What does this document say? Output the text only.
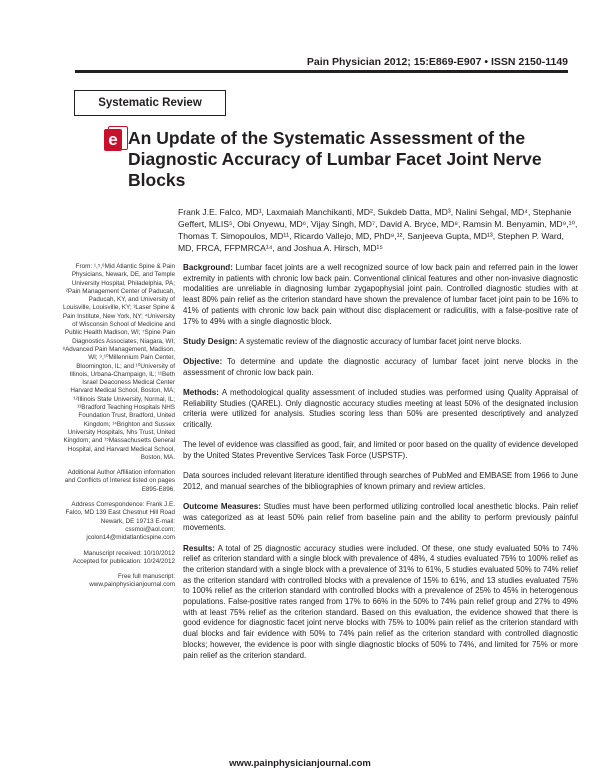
Pain Physician 2012; 15:E869-E907 • ISSN 2150-1149
Systematic Review
e An Update of the Systematic Assessment of the Diagnostic Accuracy of Lumbar Facet Joint Nerve Blocks
Frank J.E. Falco, MD¹, Laxmaiah Manchikanti, MD², Sukdeb Datta, MD³, Nalini Sehgal, MD⁴, Stephanie Geffert, MLIS⁵, Obi Onyewu, MD⁶, Vijay Singh, MD⁷, David A. Bryce, MD⁸, Ramsin M. Benyamin, MD⁹,¹⁰, Thomas T. Simopoulos, MD¹¹, Ricardo Vallejo, MD, PhD⁹,¹², Sanjeeva Gupta, MD¹³, Stephen P. Ward, MD, FRCA, FFPMRCA¹⁴, and Joshua A. Hirsch, MD¹⁵

From: ¹,⁵,⁶Mid Atlantic Spine & Pain Physicians, Newark, DE, and Temple University Hospital, Philadelphia, PA; ²Pain Management Center of Paducah, Paducah, KY, and University of Louisville, Louisville, KY; ³Laser Spine & Pain Institute, New York, NY; ⁴University of Wisconsin School of Medicine and Public Health Madison, WI; ⁷Spine Pain Diagnostics Associates, Niagara, WI; ⁸Advanced Pain Management, Madison, WI; ⁹,¹⁰Millennium Pain Center, Bloomington, IL; and ¹⁰University of Illinois, Urbana-Champaign, IL; ¹¹Beth Israel Deaconess Medical Center Harvard Medical School, Boston, MA; ¹²Illinois State University, Normal, IL; ¹³Bradford Teaching Hospitals NHS Foundation Trust, Bradford, United Kingdom; ¹⁴Brighton and Sussex University Hospitals, Nhs Trust, United Kingdom; and ¹⁵Massachusetts General Hospital, and Harvard Medical School, Boston, MA.

Additional Author Affiliation information and Conflicts of Interest listed on pages E895-E896.

Address Correspondence: Frank J.E. Falco, MD 139 East Chestnut Hill Road Newark, DE 19713 E-mail: cssmoi@aol.com; jcolon14@midatlanticspine.com

Manuscript received: 10/10/2012 Accepted for publication: 10/24/2012

Free full manuscript: www.painphysicianjournal.com

Background: Lumbar facet joints are a well recognized source of low back pain and referred pain in the lower extremity in patients with chronic low back pain. Conventional clinical features and other non-invasive diagnostic modalities are unreliable in diagnosing lumbar zygapophysial joint pain. Controlled diagnostic studies with at least 80% pain relief as the criterion standard have shown the prevalence of lumbar facet joint pain to be 16% to 41% of patients with chronic low back pain without disc displacement or radiculitis, with a false-positive rate of 17% to 49% with a single diagnostic block.

Study Design: A systematic review of the diagnostic accuracy of lumbar facet joint nerve blocks.

Objective: To determine and update the diagnostic accuracy of lumbar facet joint nerve blocks in the assessment of chronic low back pain.

Methods: A methodological quality assessment of included studies was performed using Quality Appraisal of Reliability Studies (QAREL). Only diagnostic accuracy studies meeting at least 50% of the designated inclusion criteria were utilized for analysis. Studies scoring less than 50% are presented descriptively and analyzed critically.

The level of evidence was classified as good, fair, and limited or poor based on the quality of evidence developed by the United States Preventive Services Task Force (USPSTF).

Data sources included relevant literature identified through searches of PubMed and EMBASE from 1966 to June 2012, and manual searches of the bibliographies of known primary and review articles.

Outcome Measures: Studies must have been performed utilizing controlled local anesthetic blocks. Pain relief was categorized as at least 50% pain relief from baseline pain and the ability to perform previously painful movements.

Results: A total of 25 diagnostic accuracy studies were included. Of these, one study evaluated 50% to 74% relief as criterion standard with a single block with prevalence of 48%, 4 studies evaluated 75% to 100% relief as the criterion standard with a single block with a prevalence of 31% to 61%, 5 studies evaluated 50% to 74% relief as the criterion standard with controlled blocks with a prevalence of 15% to 61%, and 13 studies evaluated 75% to 100% relief as the criterion standard with controlled blocks with a prevalence of 25% to 45% in heterogenous populations. False-positive rates ranged from 17% to 66% in the 50% to 74% pain relief group and 27% to 49% with at least 75% relief as the criterion standard. Based on this evaluation, the evidence showed that there is good evidence for diagnostic facet joint nerve blocks with 75% to 100% pain relief as the criterion standard with dual blocks and fair evidence with 50% to 74% pain relief as the criterion standard with controlled diagnostic blocks; however, the evidence is poor with single diagnostic blocks of 50% to 74%, and limited for 75% or more pain relief as the criterion standard.

www.painphysicianjournal.com
